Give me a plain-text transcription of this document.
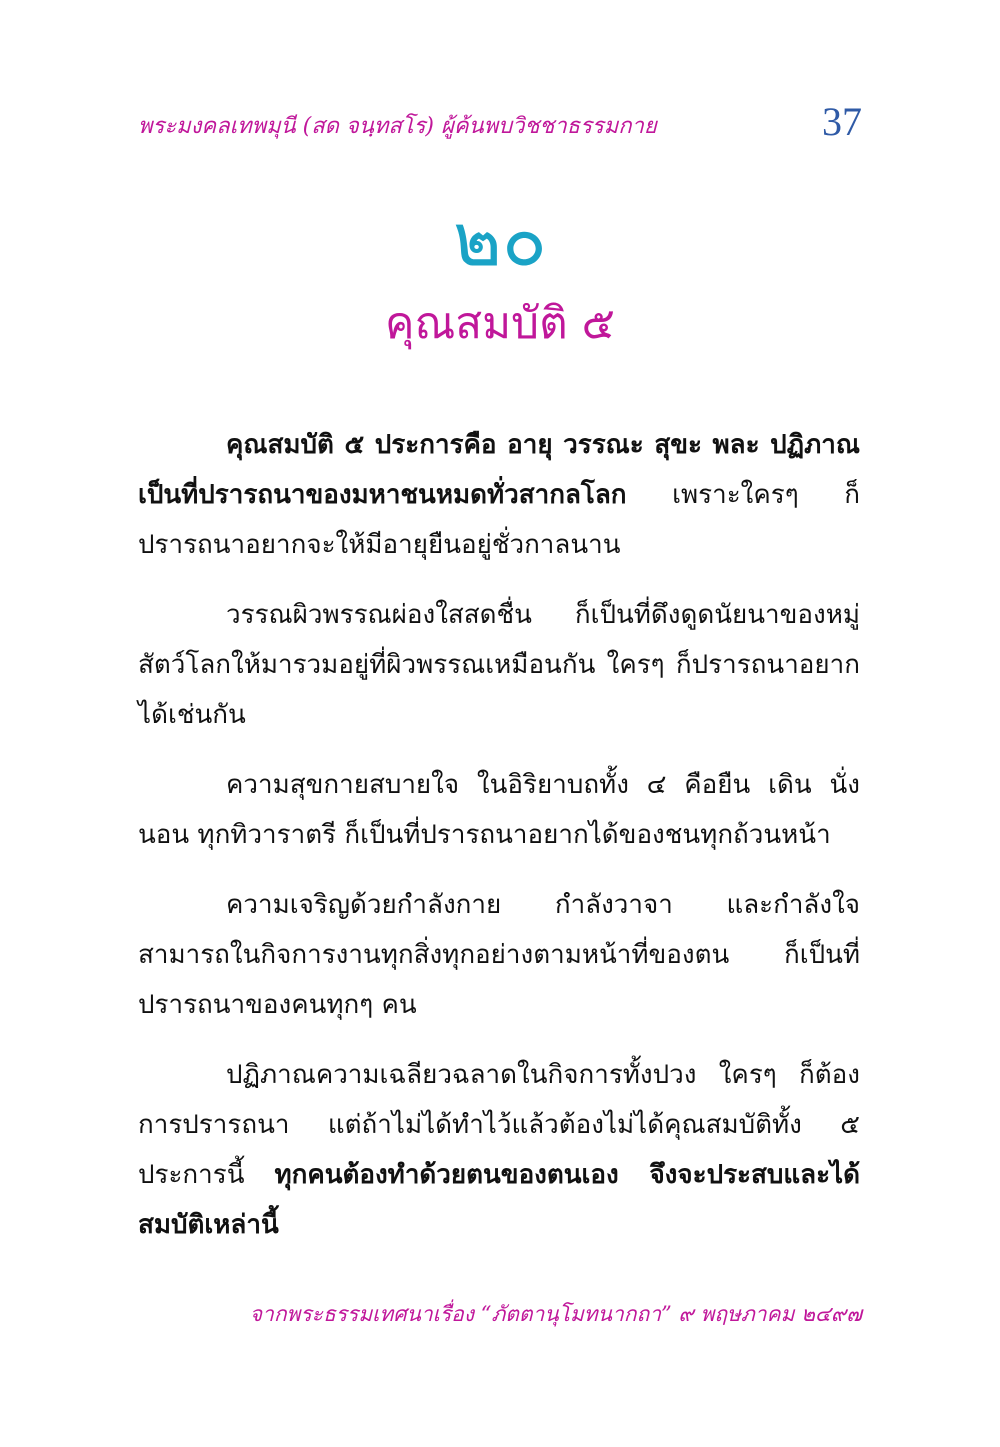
พระมงคลเทพมุนี (สด จนฺทสโร) ผู้ค้นพบวิชชาธรรมกาย	37
๒๐
คุณสมบัติ ๕

คุณสมบัติ ๕ ประการคือ อายุ วรรณะ สุขะ พละ ปฏิภาณ เป็นที่ปรารถนาของมหาชนหมดทั่วสากลโลก เพราะใครๆ ก็ปรารถนาอยากจะให้มีอายุยืนอยู่ชั่วกาลนาน

วรรณผิวพรรณผ่องใสสดชื่น ก็เป็นที่ดึงดูดนัยนาของหมู่สัตว์โลกให้มารวมอยู่ที่ผิวพรรณเหมือนกัน ใครๆ ก็ปรารถนาอยาก ได้เช่นกัน

ความสุขกายสบายใจ ในอิริยาบถทั้ง ๔ คือยืน เดิน นั่ง นอน ทุกทิวาราตรี ก็เป็นที่ปรารถนาอยากได้ของชนทุกถ้วนหน้า

ความเจริญด้วยกำลังกาย กำลังวาจา และกำลังใจ สามารถในกิจการงานทุกสิ่งทุกอย่างตามหน้าที่ของตน ก็เป็นที่ปรารถนาของคนทุกๆ คน

ปฏิภาณความเฉลียวฉลาดในกิจการทั้งปวง ใครๆ ก็ต้อง การปรารถนา แต่ถ้าไม่ได้ทำไว้แล้วต้องไม่ได้คุณสมบัติทั้ง ๕ ประการนี้ ทุกคนต้องทำด้วยตนของตนเอง จึงจะประสบและได้สมบัติเหล่านี้

จากพระธรรมเทศนาเรื่อง “ภัตตานุโมทนากถา” ๙ พฤษภาคม ๒๔๙๗
